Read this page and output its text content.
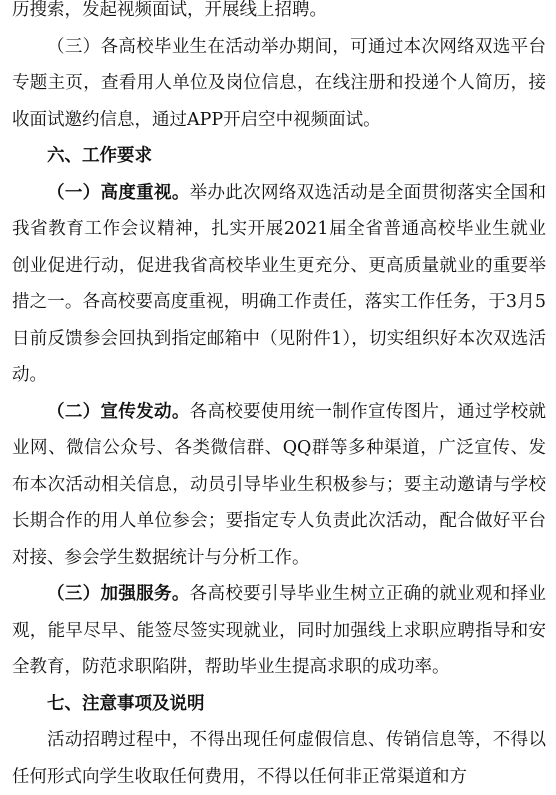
历搜索，发起视频面试，开展线上招聘。

（三）各高校毕业生在活动举办期间，可通过本次网络双选平台专题主页，查看用人单位及岗位信息，在线注册和投递个人简历，接收面试邀约信息，通过APP开启空中视频面试。

六、工作要求

（一）高度重视。举办此次网络双选活动是全面贯彻落实全国和我省教育工作会议精神，扎实开展2021届全省普通高校毕业生就业创业促进行动，促进我省高校毕业生更充分、更高质量就业的重要举措之一。各高校要高度重视，明确工作责任，落实工作任务，于3月5日前反馈参会回执到指定邮箱中（见附件1），切实组织好本次双选活动。

（二）宣传发动。各高校要使用统一制作宣传图片，通过学校就业网、微信公众号、各类微信群、QQ群等多种渠道，广泛宣传、发布本次活动相关信息，动员引导毕业生积极参与；要主动邀请与学校长期合作的用人单位参会；要指定专人负责此次活动，配合做好平台对接、参会学生数据统计与分析工作。

（三）加强服务。各高校要引导毕业生树立正确的就业观和择业观，能早尽早、能签尽签实现就业，同时加强线上求职应聘指导和安全教育，防范求职陷阱，帮助毕业生提高求职的成功率。

七、注意事项及说明

活动招聘过程中，不得出现任何虚假信息、传销信息等，不得以任何形式向学生收取任何费用，不得以任何非正常渠道和方
